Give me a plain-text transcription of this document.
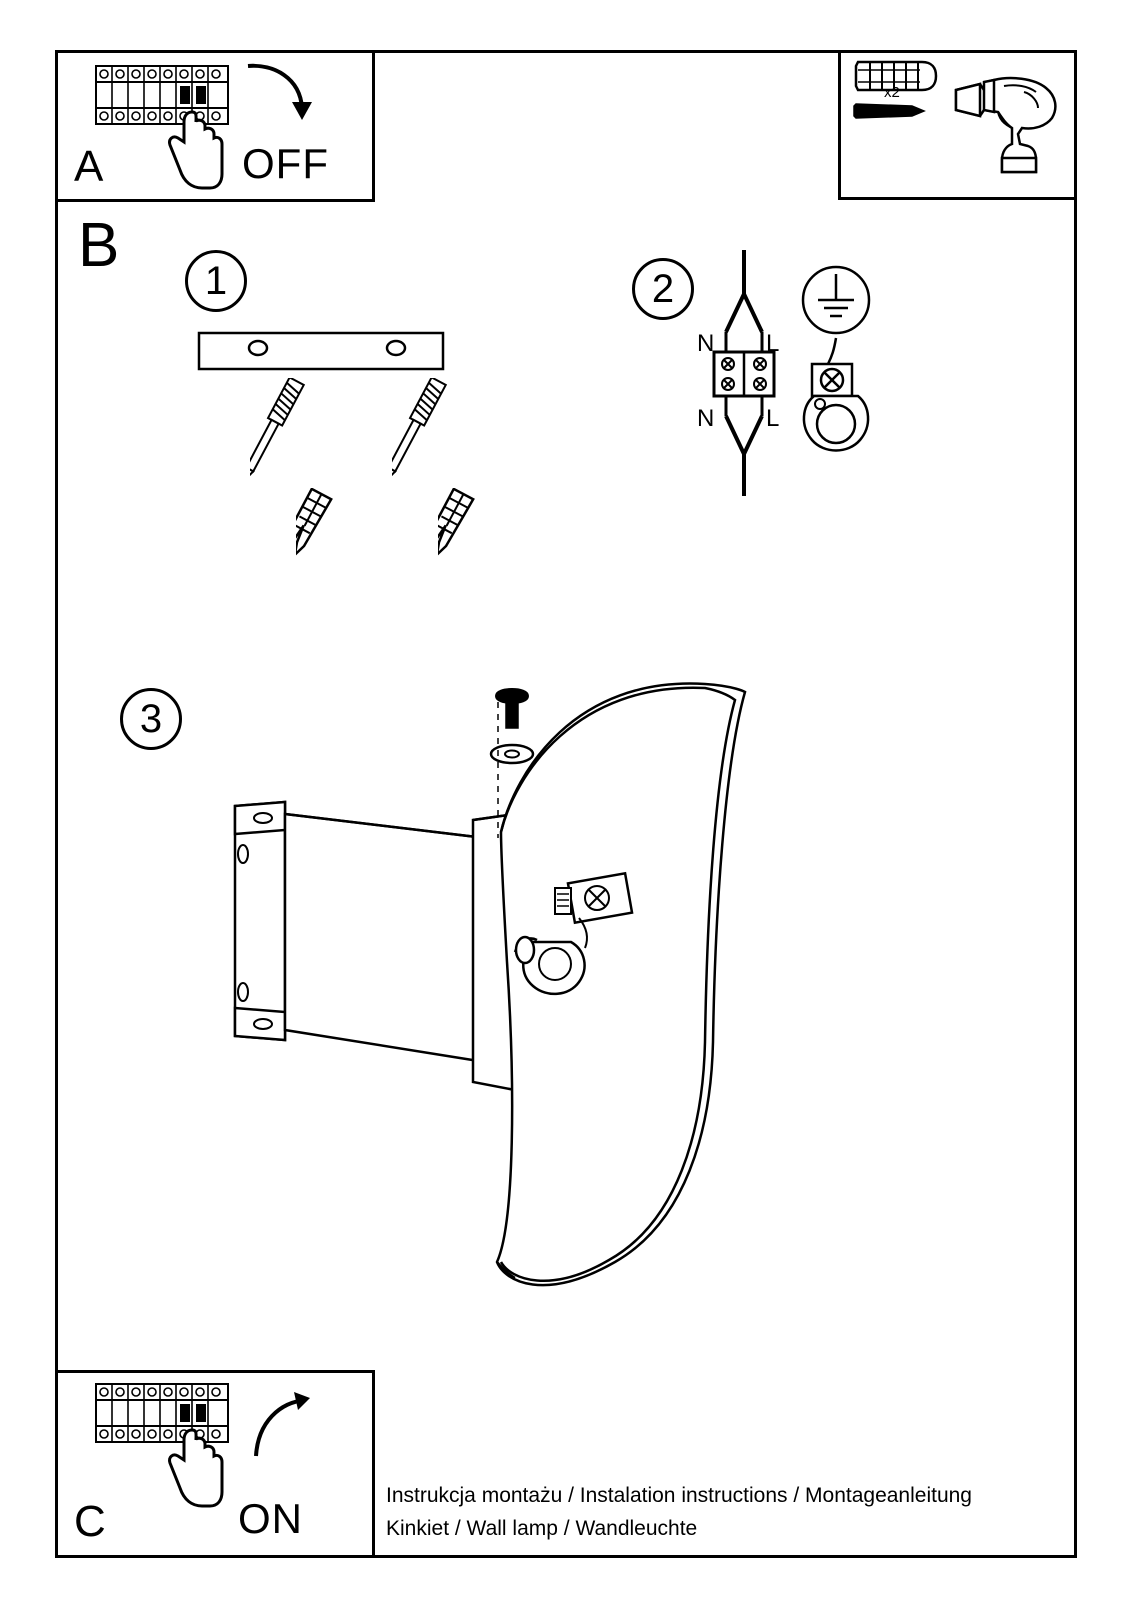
A	OFF
x2
B
1	2
N L
N L
3
C	ON	Instrukcja montażu / Instalation instructions / Montageanleitung
Kinkiet / Wall lamp / Wandleuchte
